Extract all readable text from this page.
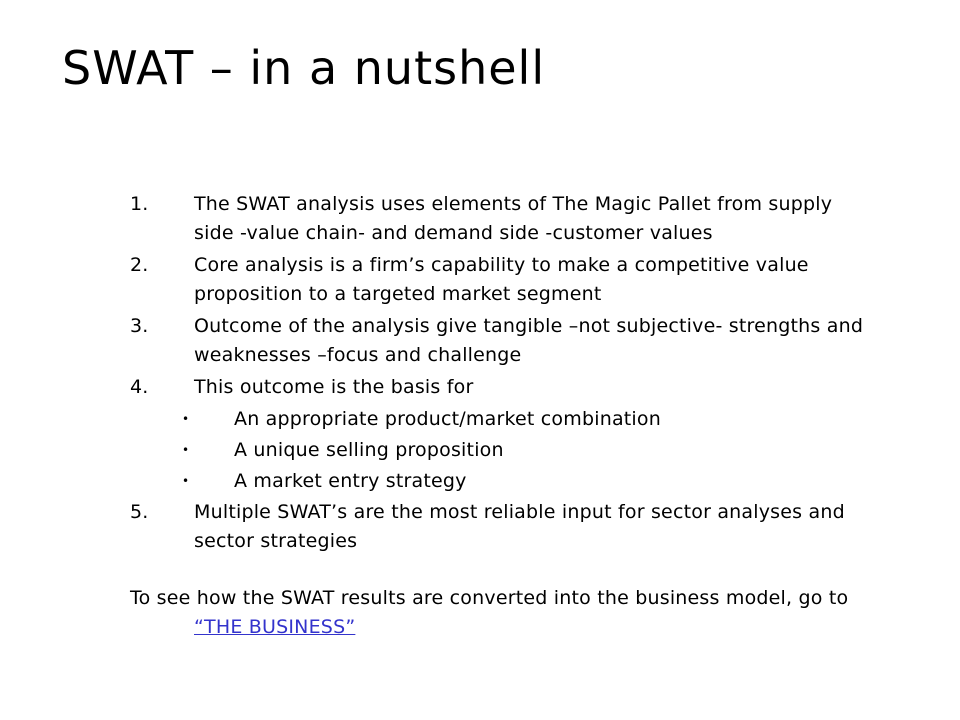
SWAT – in a nutshell
1. The SWAT analysis uses elements of The Magic Pallet from supply side -value chain- and demand side -customer values
2. Core analysis is a firm’s capability to make a competitive value proposition to a targeted market segment
3. Outcome of the analysis give tangible –not subjective- strengths and weaknesses –focus and challenge
4. This outcome is the basis for
• An appropriate product/market combination
• A unique selling proposition
• A market entry strategy
5. Multiple SWAT’s are the most reliable input for sector analyses and sector strategies
To see how the SWAT results are converted into the business model, go to “THE BUSINESS”
